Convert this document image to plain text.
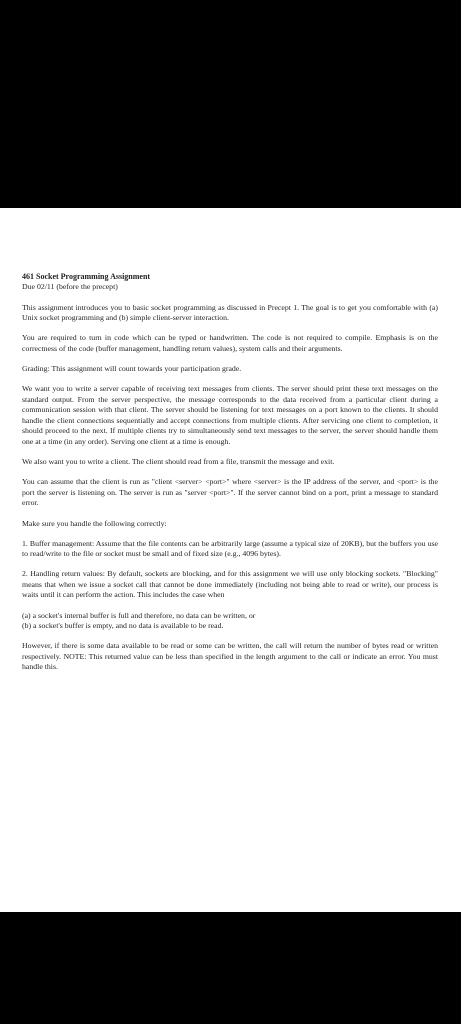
461 Socket Programming Assignment
Due 02/11 (before the precept)

This assignment introduces you to basic socket programming as discussed in Precept 1. The goal is to get you comfortable with (a) Unix socket programming and (b) simple client-server interaction.

You are required to turn in code which can be typed or handwritten. The code is not required to compile. Emphasis is on the correctness of the code (buffer management, handling return values), system calls and their arguments.

Grading: This assignment will count towards your participation grade.

We want you to write a server capable of receiving text messages from clients. The server should print these text messages on the standard output. From the server perspective, the message corresponds to the data received from a particular client during a communication session with that client. The server should be listening for text messages on a port known to the clients. It should handle the client connections sequentially and accept connections from multiple clients. After servicing one client to completion, it should proceed to the next. If multiple clients try to simultaneously send text messages to the server, the server should handle them one at a time (in any order). Serving one client at a time is enough.

We also want you to write a client. The client should read from a file, transmit the message and exit.

You can assume that the client is run as "client <server> <port>" where <server> is the IP address of the server, and <port> is the port the server is listening on. The server is run as "server <port>". If the server cannot bind on a port, print a message to standard error.

Make sure you handle the following correctly:

1. Buffer management: Assume that the file contents can be arbitrarily large (assume a typical size of 20KB), but the buffers you use to read/write to the file or socket must be small and of fixed size (e.g., 4096 bytes).

2. Handling return values: By default, sockets are blocking, and for this assignment we will use only blocking sockets. "Blocking" means that when we issue a socket call that cannot be done immediately (including not being able to read or write), our process is waits until it can perform the action. This includes the case when

(a) a socket's internal buffer is full and therefore, no data can be written, or

(b) a socket's buffer is empty, and no data is available to be read.

However, if there is some data available to be read or some can be written, the call will return the number of bytes read or written respectively. NOTE: This returned value can be less than specified in the length argument to the call or indicate an error. You must handle this.
